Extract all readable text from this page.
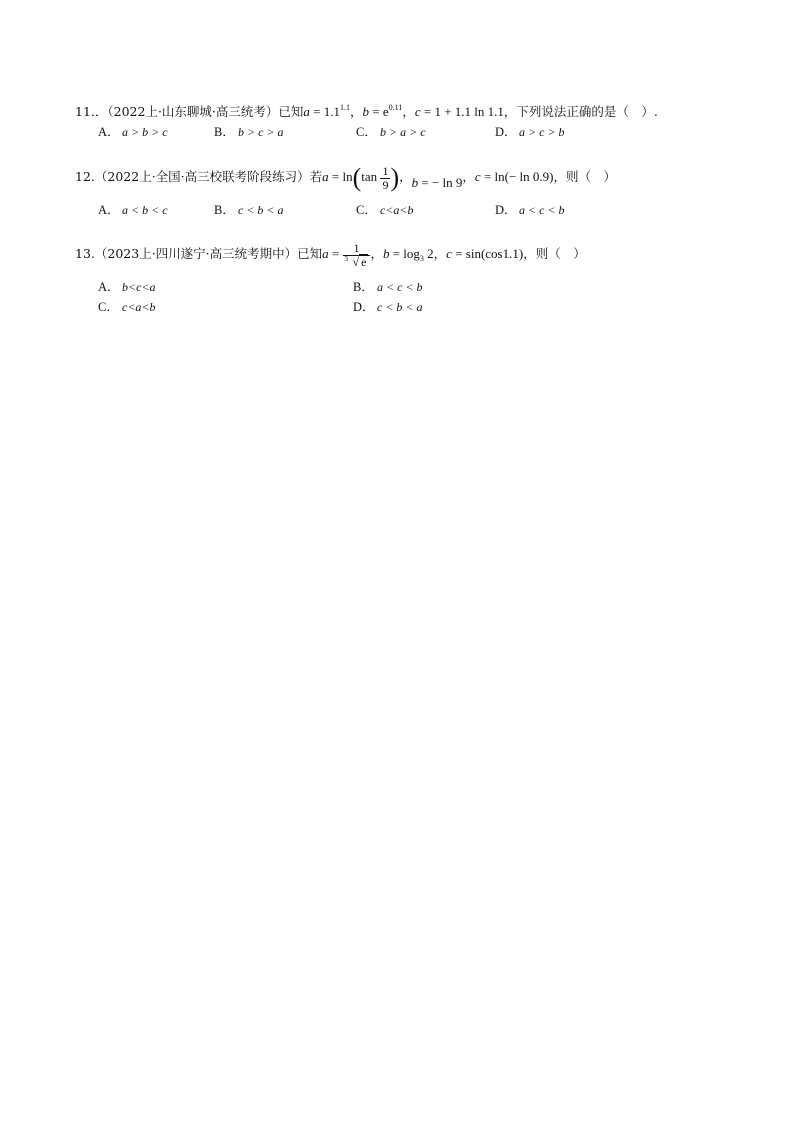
11.．（2022上·山东聊城·高三统考）已知$a = 1.1^{1.1}$，$b = e^{0.11}$，c = 1 + 1.1 ln 1.1，下列说法正确的是（　）.
A． a > b > c	B． b > c > a	C． b > a > c	D． a > c > b
12.（2022上·全国·高三校联考阶段练习）若$a = \ln(\tan \frac{1}{9}$ )，b = − ln 9，c = ln(− ln 0.9)，则（　）
A． a < b < c	B． c < b < a	C． c<a<b	D． a < c < b
13.（2023上·四川遂宁·高三统考期中）已知$a = \frac{1}{3 √ e}$ ，$b = \log_3 2$，c = sin(cos1.1)，则（　）
A． b<c<a	B． a < c < b
C． c<a<b	D． c < b < a
